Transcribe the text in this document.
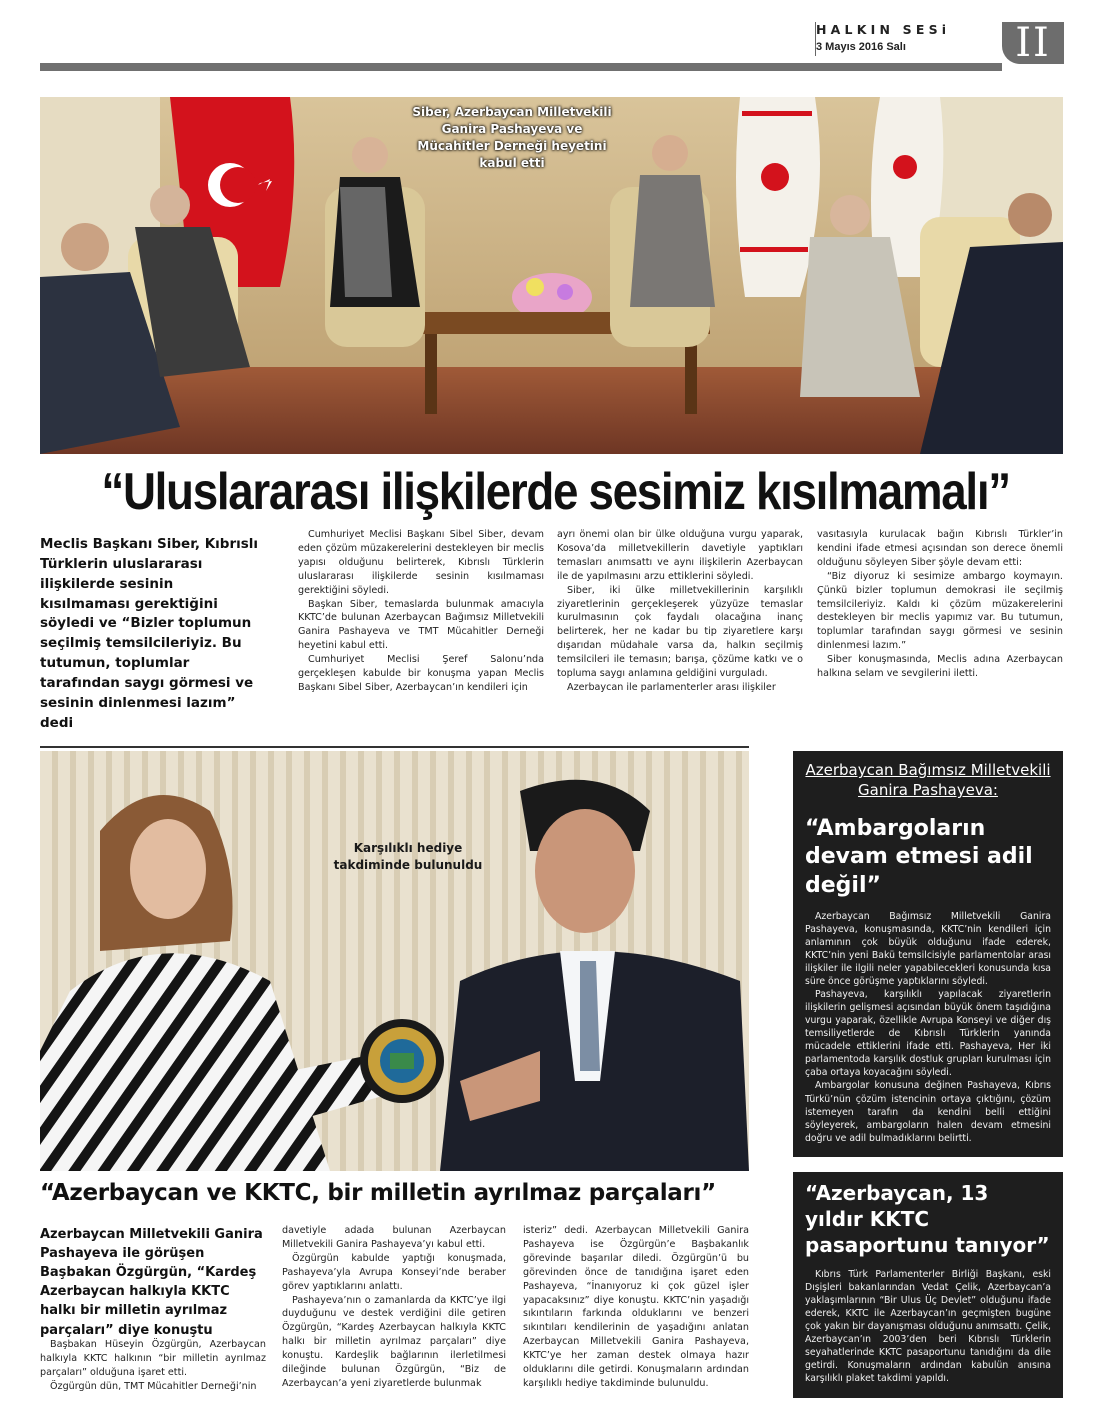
HALKIN SESi
3 Mayıs 2016 Salı	II
Siber, Azerbaycan Milletvekili Ganira Pashayeva ve Mücahitler Derneği heyetini kabul etti
“Uluslararası ilişkilerde sesimiz kısılmamalı”
Meclis Başkanı Siber, Kıbrıslı Türklerin uluslararası ilişkilerde sesinin kısılmaması gerektiğini söyledi ve “Bizler toplumun seçilmiş temsilcileriyiz. Bu tutumun, toplumlar tarafından saygı görmesi ve sesinin dinlenmesi lazım” dedi

Cumhuriyet Meclisi Başkanı Sibel Siber, devam eden çözüm müzakerelerini destekleyen bir meclis yapısı olduğunu belirterek, Kıbrıslı Türklerin uluslararası ilişkilerde sesinin kısılmaması gerektiğini söyledi.

Başkan Siber, temaslarda bulunmak amacıyla KKTC’de bulunan Azerbaycan Bağımsız Milletvekili Ganira Pashayeva ve TMT Mücahitler Derneği heyetini kabul etti.

Cumhuriyet Meclisi Şeref Salonu’nda gerçekleşen kabulde bir konuşma yapan Meclis Başkanı Sibel Siber, Azerbaycan’ın kendileri için

ayrı önemi olan bir ülke olduğuna vurgu yaparak, Kosova’da milletvekillerin davetiyle yaptıkları temasları anımsattı ve aynı ilişkilerin Azerbaycan ile de yapılmasını arzu ettiklerini söyledi.

Siber, iki ülke milletvekillerinin karşılıklı ziyaretlerinin gerçekleşerek yüzyüze temaslar kurulmasının çok faydalı olacağına inanç belirterek, her ne kadar bu tip ziyaretlere karşı dışarıdan müdahale varsa da, halkın seçilmiş temsilcileri ile temasın; barışa, çözüme katkı ve o topluma saygı anlamına geldiğini vurguladı.

Azerbaycan ile parlamenterler arası ilişkiler

vasıtasıyla kurulacak bağın Kıbrıslı Türkler’in kendini ifade etmesi açısından son derece önemli olduğunu söyleyen Siber şöyle devam etti:

“Biz diyoruz ki sesimize ambargo koymayın. Çünkü bizler toplumun demokrasi ile seçilmiş temsilcileriyiz. Kaldı ki çözüm müzakerelerini destekleyen bir meclis yapımız var. Bu tutumun, toplumlar tarafından saygı görmesi ve sesinin dinlenmesi lazım.”

Siber konuşmasında, Meclis adına Azerbaycan halkına selam ve sevgilerini iletti.

Karşılıklı hediye takdiminde bulunuldu
Azerbaycan Bağımsız Milletvekili Ganira Pashayeva:
“Ambargoların devam etmesi adil değil”

Azerbaycan Bağımsız Milletvekili Ganira Pashayeva, konuşmasında, KKTC’nin kendileri için anlamının çok büyük olduğunu ifade ederek, KKTC’nin yeni Bakü temsilcisiyle parlamentolar arası ilişkiler ile ilgili neler yapabilecekleri konusunda kısa süre önce görüşme yaptıklarını söyledi.

Pashayeva, karşılıklı yapılacak ziyaretlerin ilişkilerin gelişmesi açısından büyük önem taşıdığına vurgu yaparak, özellikle Avrupa Konseyi ve diğer dış temsiliyetlerde de Kıbrıslı Türklerin yanında mücadele ettiklerini ifade etti. Pashayeva, Her iki parlamentoda karşılık dostluk grupları kurulması için çaba ortaya koyacağını söyledi.

Ambargolar konusuna değinen Pashayeva, Kıbrıs Türkü’nün çözüm istencinin ortaya çıktığını, çözüm istemeyen tarafın da kendini belli ettiğini söyleyerek, ambargoların halen devam etmesini doğru ve adil bulmadıklarını belirtti.

“Azerbaycan ve KKTC, bir milletin ayrılmaz parçaları”
Azerbaycan Milletvekili Ganira Pashayeva ile görüşen Başbakan Özgürgün, “Kardeş Azerbaycan halkıyla KKTC halkı bir milletin ayrılmaz parçaları” diye konuştu

Başbakan Hüseyin Özgürgün, Azerbaycan halkıyla KKTC halkının “bir milletin ayrılmaz parçaları” olduğuna işaret etti.

Özgürgün dün, TMT Mücahitler Derneği’nin

davetiyle adada bulunan Azerbaycan Milletvekili Ganira Pashayeva’yı kabul etti.

Özgürgün kabulde yaptığı konuşmada, Pashayeva’yla Avrupa Konseyi’nde beraber görev yaptıklarını anlattı.

Pashayeva’nın o zamanlarda da KKTC’ye ilgi duyduğunu ve destek verdiğini dile getiren Özgürgün, “Kardeş Azerbaycan halkıyla KKTC halkı bir milletin ayrılmaz parçaları” diye konuştu. Kardeşlik bağlarının ilerletilmesi dileğinde bulunan Özgürgün, “Biz de Azerbaycan’a yeni ziyaretlerde bulunmak

isteriz” dedi. Azerbaycan Milletvekili Ganira Pashayeva ise Özgürgün’e Başbakanlık görevinde başarılar diledi. Özgürgün’ü bu görevinden önce de tanıdığına işaret eden Pashayeva, “İnanıyoruz ki çok güzel işler yapacaksınız” diye konuştu. KKTC’nin yaşadığı sıkıntıların farkında olduklarını ve benzeri sıkıntıları kendilerinin de yaşadığını anlatan Azerbaycan Milletvekili Ganira Pashayeva, KKTC’ye her zaman destek olmaya hazır olduklarını dile getirdi. Konuşmaların ardından karşılıklı hediye takdiminde bulunuldu.

“Azerbaycan, 13 yıldır KKTC pasaportunu tanıyor”

Kıbrıs Türk Parlamenterler Birliği Başkanı, eski Dışişleri bakanlarından Vedat Çelik, Azerbaycan’a yaklaşımlarının “Bir Ulus Üç Devlet” olduğunu ifade ederek, KKTC ile Azerbaycan’ın geçmişten bugüne çok yakın bir dayanışması olduğunu anımsattı. Çelik, Azerbaycan’ın 2003’den beri Kıbrıslı Türklerin seyahatlerinde KKTC pasaportunu tanıdığını da dile getirdi. Konuşmaların ardından kabulün anısına karşılıklı plaket takdimi yapıldı.
